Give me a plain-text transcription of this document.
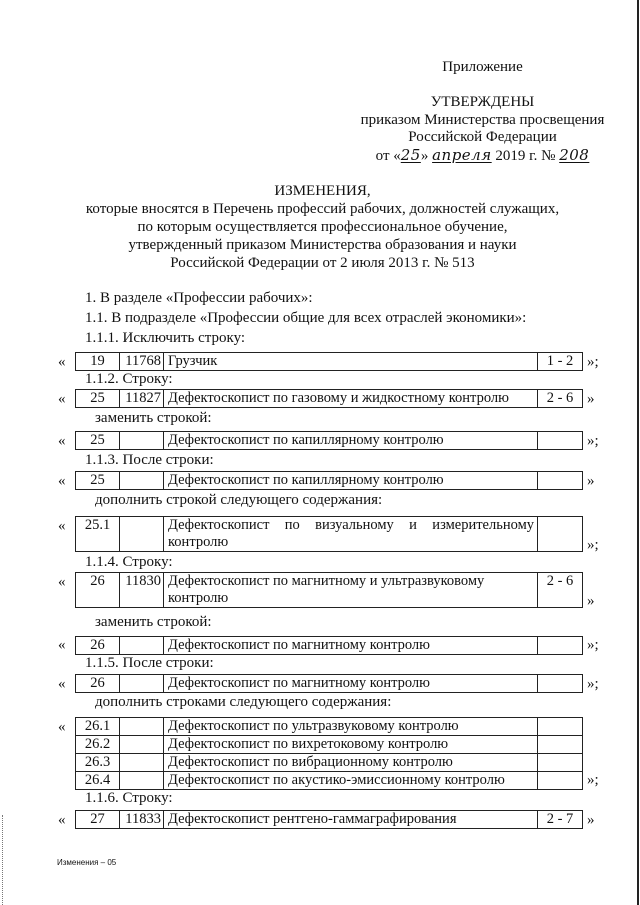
Приложение
УТВЕРЖДЕНЫ
приказом Министерства просвещения
Российской Федерации
от «25» апреля 2019 г. № 208
ИЗМЕНЕНИЯ,
которые вносятся в Перечень профессий рабочих, должностей служащих,
по которым осуществляется профессиональное обучение,
утвержденный приказом Министерства образования и науки
Российской Федерации от 2 июля 2013 г. № 513
1. В разделе «Профессии рабочих»:
1.1. В подразделе «Профессии общие для всех отраслей экономики»:
1.1.1. Исключить строку:
« 19	11768	Грузчик	1 - 2 »;
1.1.2. Строку:
« 25	11827	Дефектоскопист по газовому и жидкостному контролю	2 - 6 »
заменить строкой:
« 25		Дефектоскопист по капиллярному контролю		»;
1.1.3. После строки:
« 25		Дефектоскопист по капиллярному контролю		»
дополнить строкой следующего содержания:
« 25.1		Дефектоскопист по визуальному и измерительному
контролю		»;
1.1.4. Строку:
« 26	11830	Дефектоскопист по магнитному и ультразвуковому
контролю	2 - 6
»
заменить строкой:
« 26		Дефектоскопист по магнитному контролю		»;
1.1.5. После строки:
« 26		Дефектоскопист по магнитному контролю		»;
дополнить строками следующего содержания:
« 26.1		Дефектоскопист по ультразвуковому контролю	
26.2		Дефектоскопист по вихретоковому контролю	
26.3		Дефектоскопист по вибрационному контролю	
26.4		Дефектоскопист по акустико-эмиссионному контролю		»;
1.1.6. Строку:
« 27	11833	Дефектоскопист рентгено-гаммаграфирования	2 - 7 »
Изменения – 05
